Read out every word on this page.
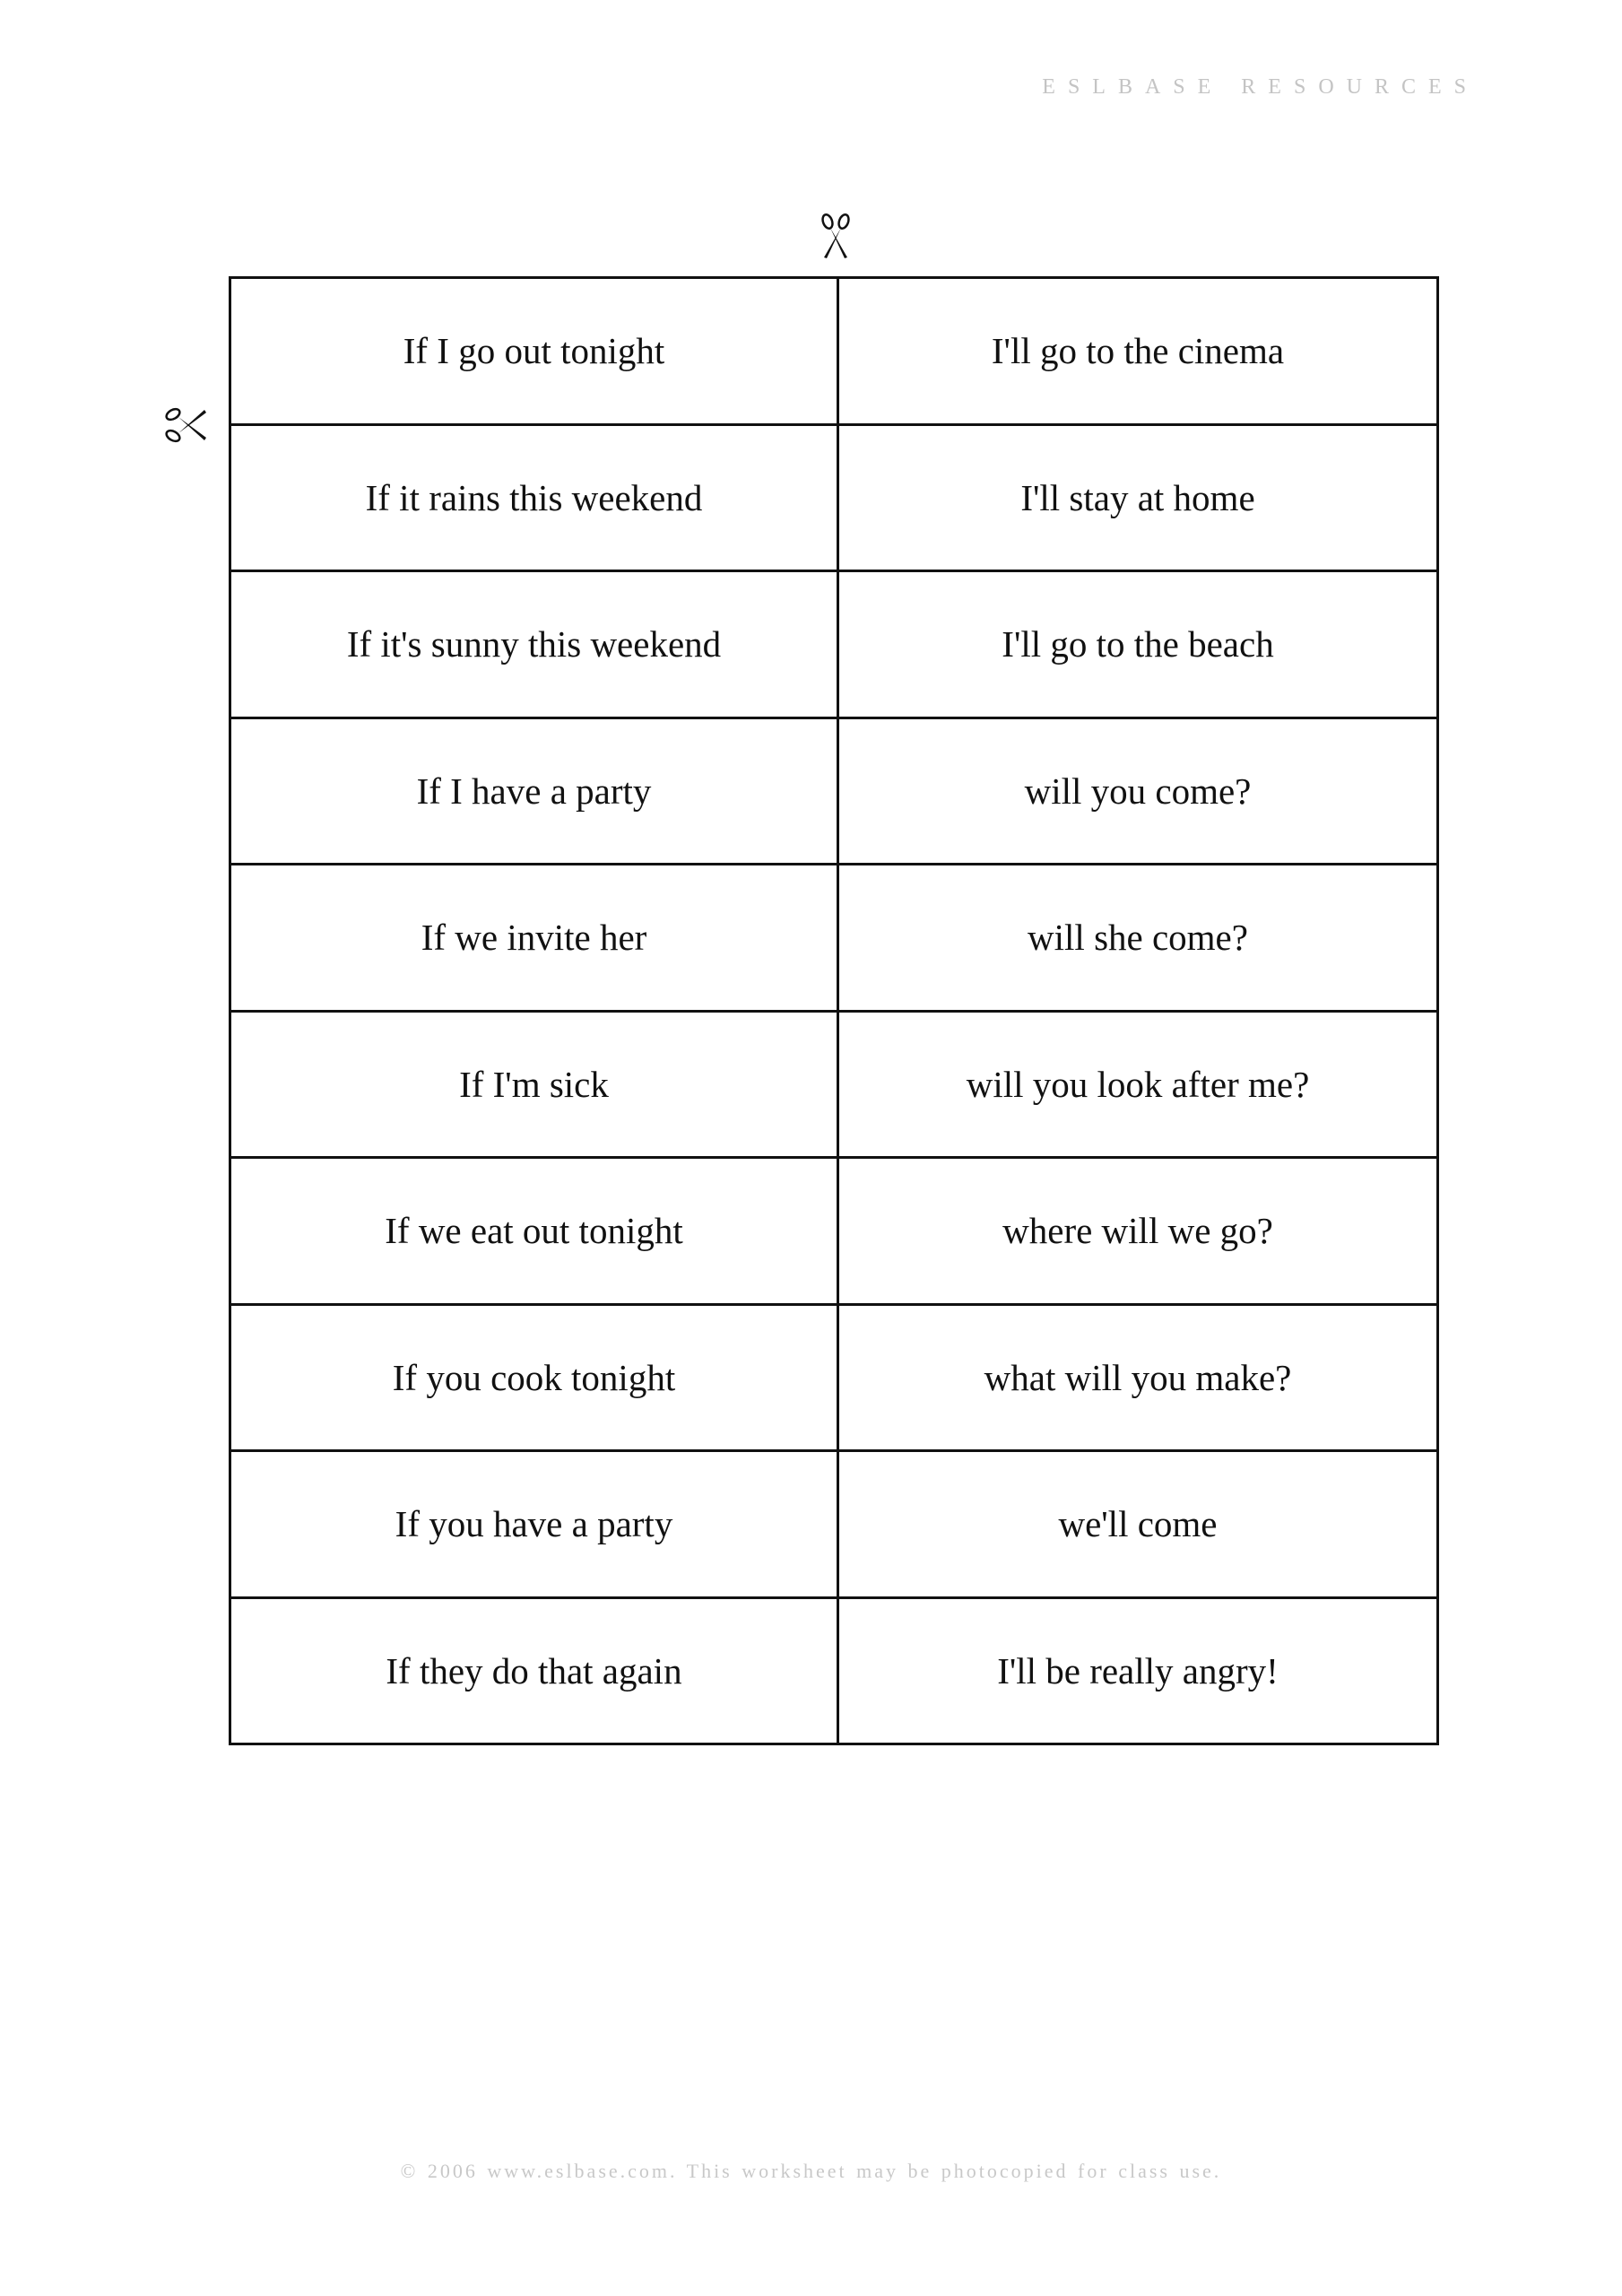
ESLBASE RESOURCES
If I go out tonight	I'll go to the cinema
If it rains this weekend	I'll stay at home
If it's sunny this weekend	I'll go to the beach
If I have a party	will you come?
If we invite her	will she come?
If I'm sick	will you look after me?
If we eat out tonight	where will we go?
If you cook tonight	what will you make?
If you have a party	we'll come
If they do that again	I'll be really angry!
© 2006 www.eslbase.com. This worksheet may be photocopied for class use.
